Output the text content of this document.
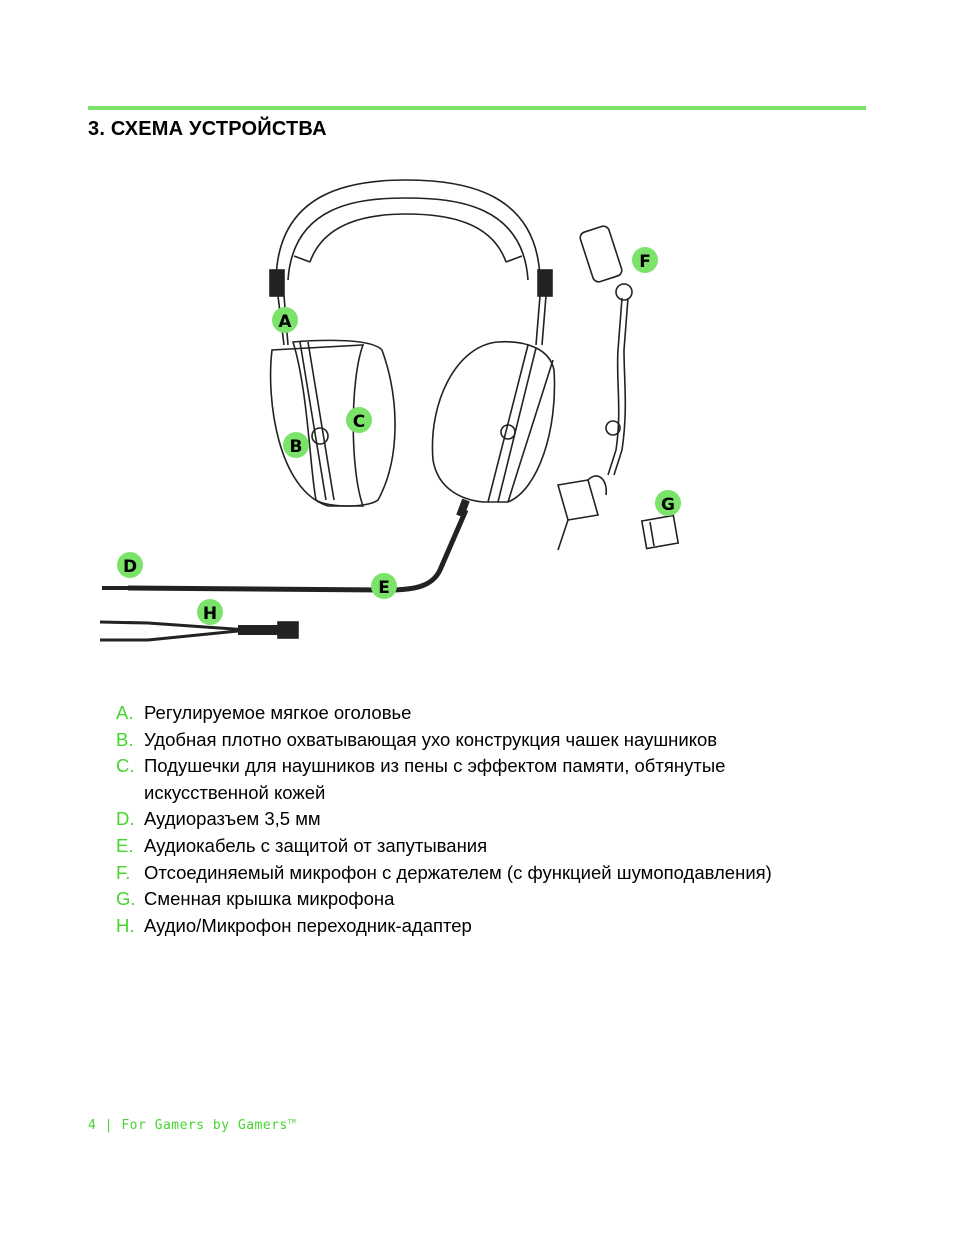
3. СХЕМА УСТРОЙСТВА
A
B
C
D
E
F
G
H
A. Регулируемое мягкое оголовье
B. Удобная плотно охватывающая ухо конструкция чашек наушников
C. Подушечки для наушников из пены с эффектом памяти, обтянутые искусственной кожей
D. Аудиоразъем 3,5 мм
E. Аудиокабель с защитой от запутывания
F. Отсоединяемый микрофон с держателем (с функцией шумоподавления)
G. Сменная крышка микрофона
H. Аудио/Микрофон переходник-адаптер
4 | For Gamers by Gamers™
